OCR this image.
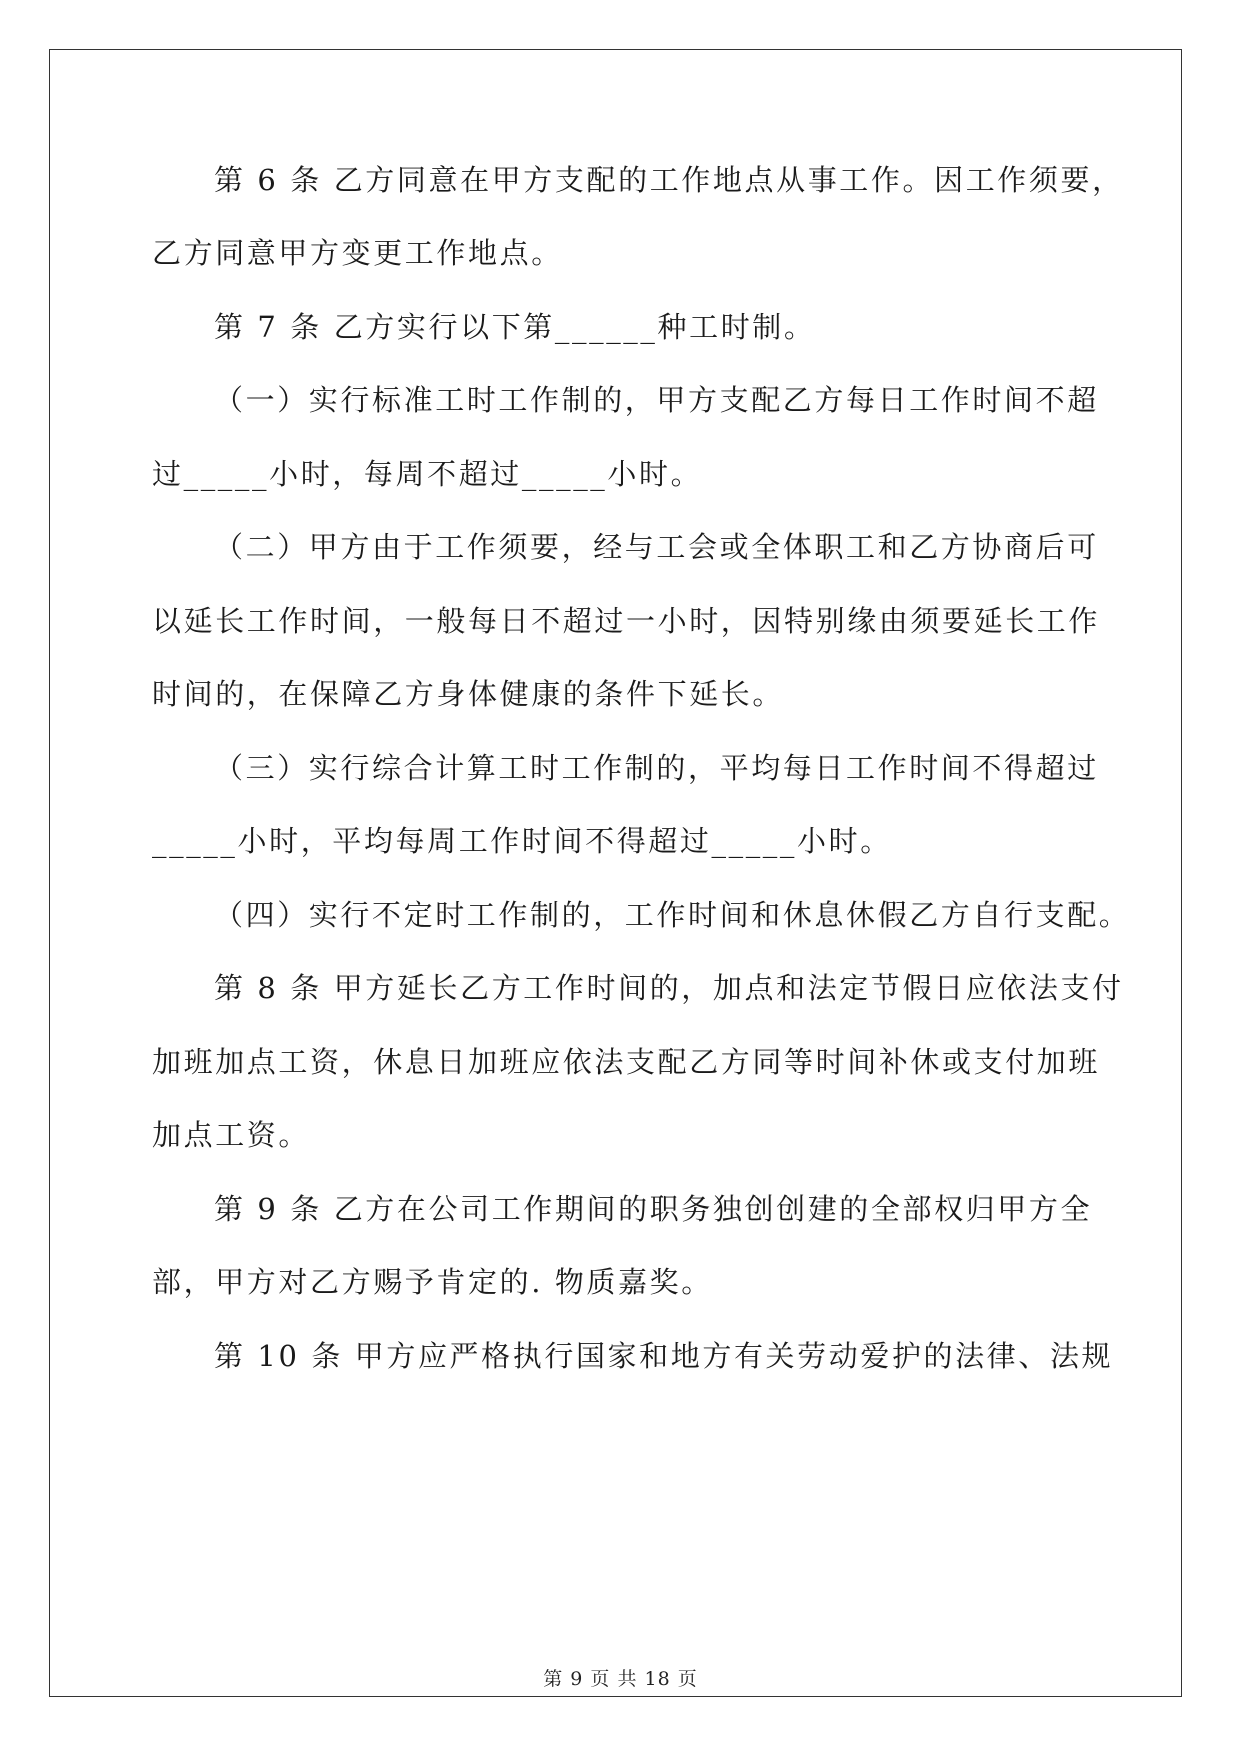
第 6 条 乙方同意在甲方支配的工作地点从事工作。因工作须要，
乙方同意甲方变更工作地点。
第 7 条 乙方实行以下第______种工时制。
（一）实行标准工时工作制的，甲方支配乙方每日工作时间不超
过_____小时，每周不超过_____小时。
（二）甲方由于工作须要，经与工会或全体职工和乙方协商后可
以延长工作时间，一般每日不超过一小时，因特别缘由须要延长工作
时间的，在保障乙方身体健康的条件下延长。
（三）实行综合计算工时工作制的，平均每日工作时间不得超过
_____小时，平均每周工作时间不得超过_____小时。
（四）实行不定时工作制的，工作时间和休息休假乙方自行支配。
第 8 条 甲方延长乙方工作时间的，加点和法定节假日应依法支付
加班加点工资，休息日加班应依法支配乙方同等时间补休或支付加班
加点工资。
第 9 条 乙方在公司工作期间的职务独创创建的全部权归甲方全
部，甲方对乙方赐予肯定的. 物质嘉奖。
第 10 条 甲方应严格执行国家和地方有关劳动爱护的法律、法规
第 9 页 共 18 页
